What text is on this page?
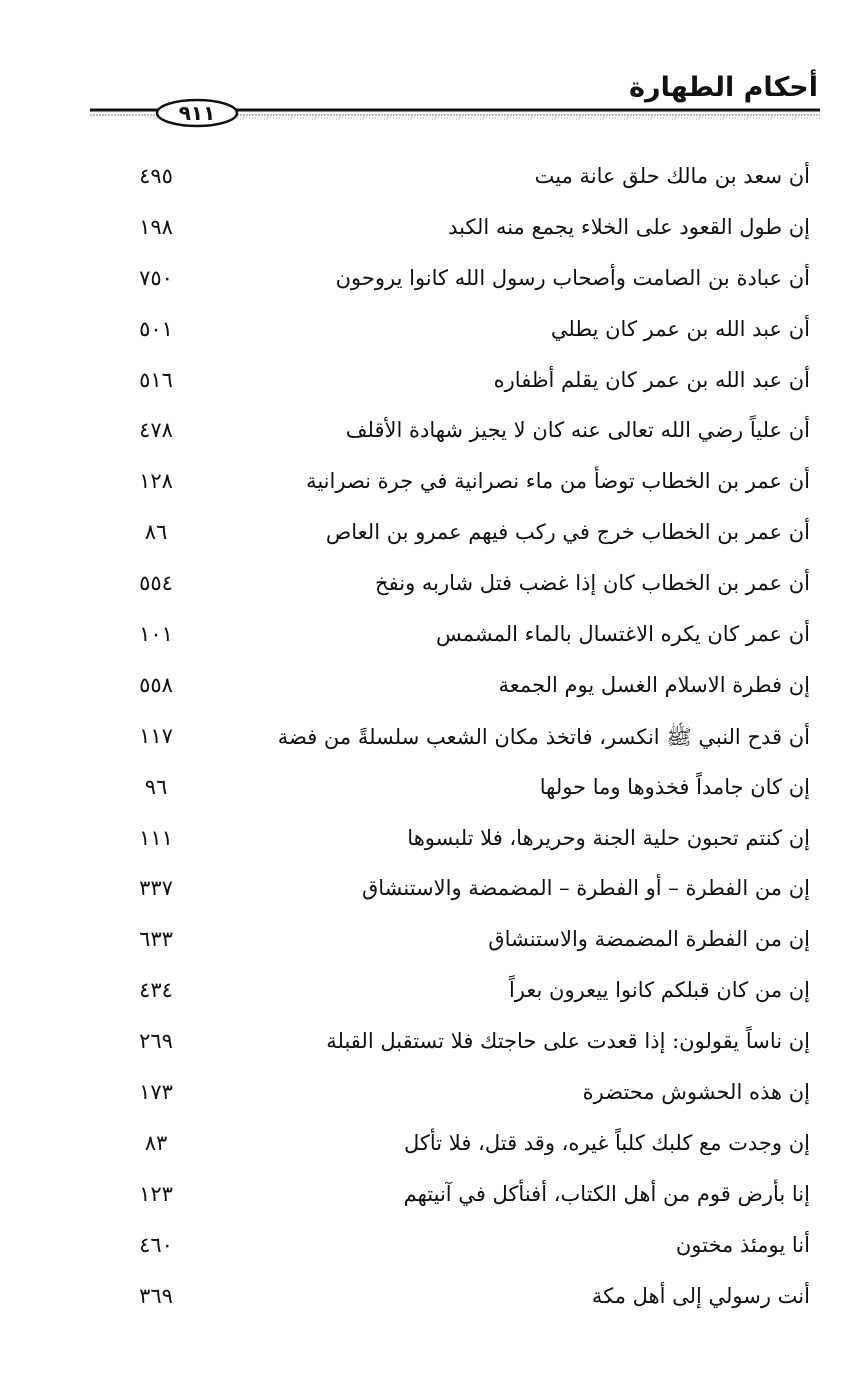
أحكام الطهارة
٩١١
أن سعد بن مالك حلق عانة ميت
٤٩٥
إن طول القعود على الخلاء يجمع منه الكبد
١٩٨
أن عبادة بن الصامت وأصحاب رسول الله كانوا يروحون
٧٥٠
أن عبد الله بن عمر كان يطلي
٥٠١
أن عبد الله بن عمر كان يقلم أظفاره
٥١٦
أن علياً رضي الله تعالى عنه كان لا يجيز شهادة الأقلف
٤٧٨
أن عمر بن الخطاب توضأ من ماء نصرانية في جرة نصرانية
١٢٨
أن عمر بن الخطاب خرج في ركب فيهم عمرو بن العاص
٨٦
أن عمر بن الخطاب كان إذا غضب فتل شاربه ونفخ
٥٥٤
أن عمر كان يكره الاغتسال بالماء المشمس
١٠١
إن فطرة الاسلام الغسل يوم الجمعة
٥٥٨
أن قدح النبي ﷺ انكسر، فاتخذ مكان الشعب سلسلةً من فضة
١١٧
إن كان جامداً فخذوها وما حولها
٩٦
إن كنتم تحبون حلية الجنة وحريرها، فلا تلبسوها
١١١
إن من الفطرة – أو الفطرة – المضمضة والاستنشاق
٣٣٧
إن من الفطرة المضمضة والاستنشاق
٦٣٣
إن من كان قبلكم كانوا ييعرون بعراً
٤٣٤
إن ناساً يقولون: إذا قعدت على حاجتك فلا تستقبل القبلة
٢٦٩
إن هذه الحشوش محتضرة
١٧٣
إن وجدت مع كلبك كلباً غيره، وقد قتل، فلا تأكل
٨٣
إنا بأرض قوم من أهل الكتاب، أفنأكل في آنيتهم
١٢٣
أنا يومئذ مختون
٤٦٠
أنت رسولي إلى أهل مكة
٣٦٩
